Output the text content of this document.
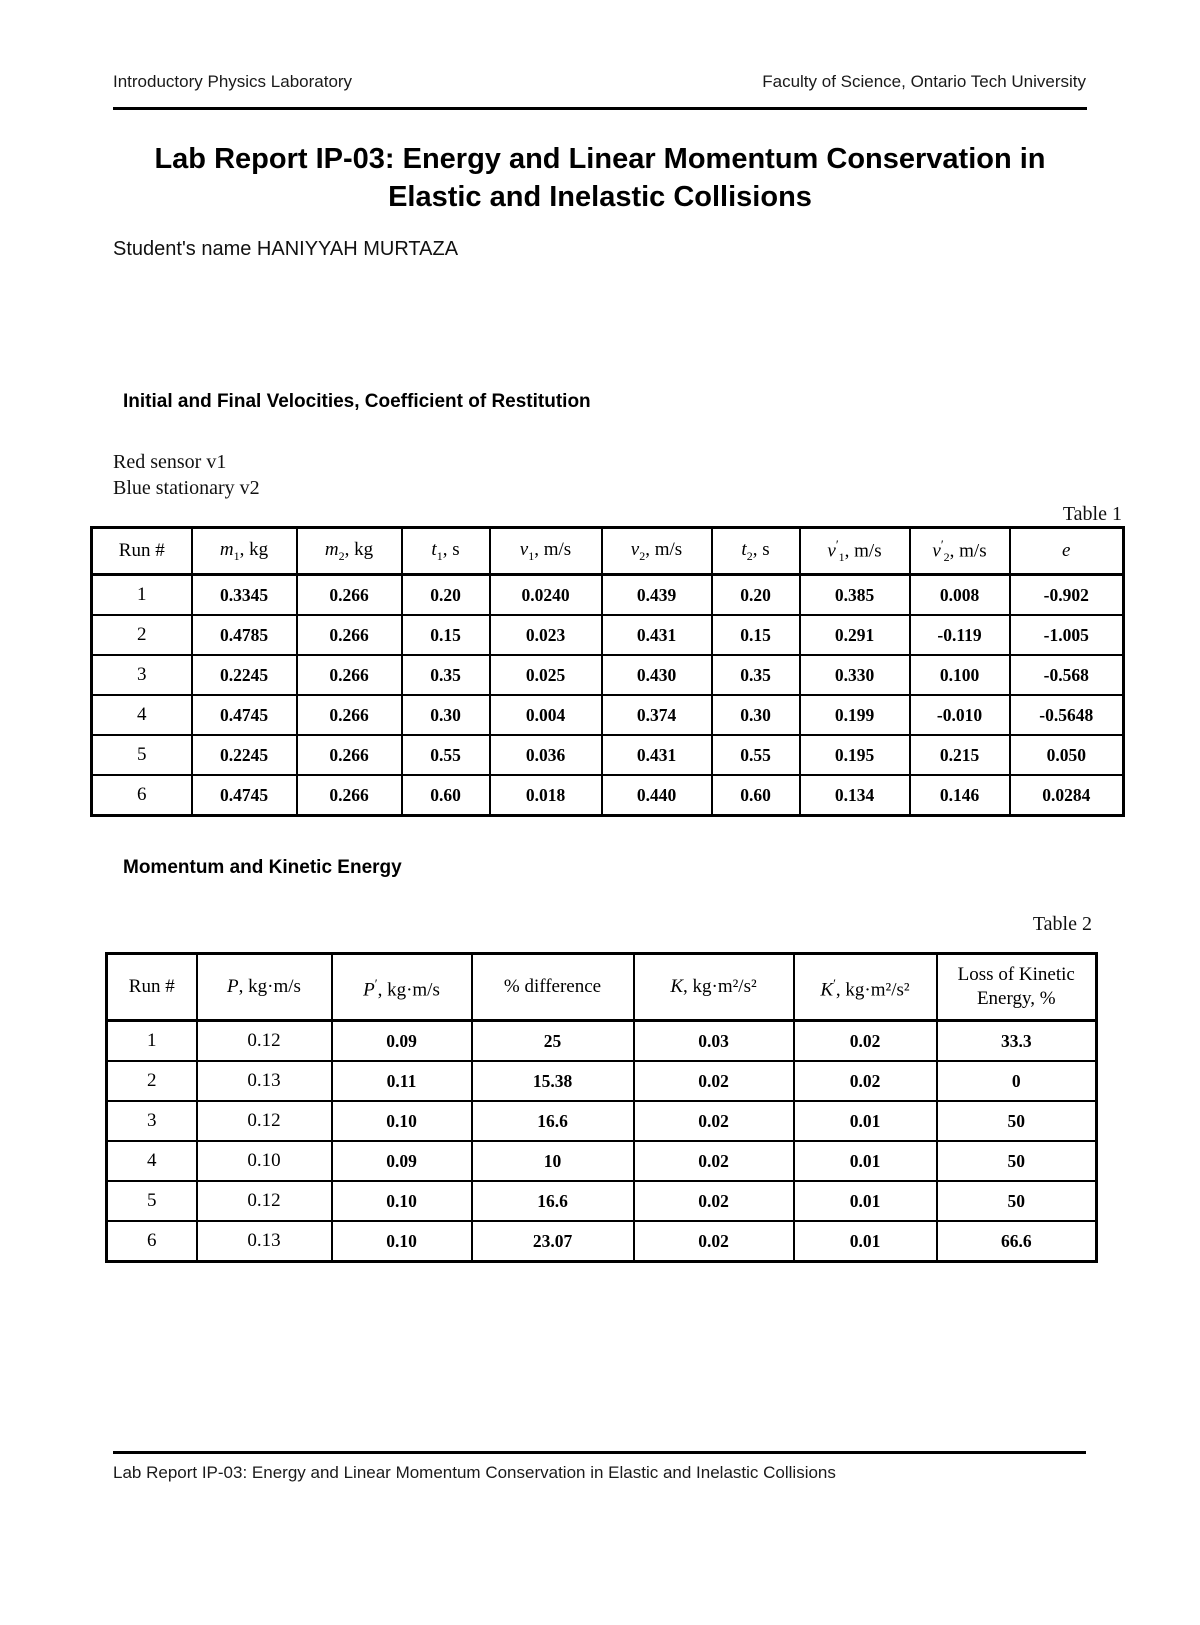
Introductory Physics Laboratory	Faculty of Science, Ontario Tech University
Lab Report IP-03: Energy and Linear Momentum Conservation in
Elastic and Inelastic Collisions
Student's name HANIYYAH MURTAZA
Initial and Final Velocities, Coefficient of Restitution
Red sensor v1
Blue stationary v2
Table 1
Run #	$m_1$, kg	$m_2$, kg	$t_1$, s	$v_1$, m/s	$v_2$, m/s	$t_2$, s	$v'_1$, m/s	$v'_2$, m/s	e
1	0.3345	0.266	0.20	0.0240	0.439	0.20	0.385	0.008	-0.902
2	0.4785	0.266	0.15	0.023	0.431	0.15	0.291	-0.119	-1.005
3	0.2245	0.266	0.35	0.025	0.430	0.35	0.330	0.100	-0.568
4	0.4745	0.266	0.30	0.004	0.374	0.30	0.199	-0.010	-0.5648
5	0.2245	0.266	0.55	0.036	0.431	0.55	0.195	0.215	0.050
6	0.4745	0.266	0.60	0.018	0.440	0.60	0.134	0.146	0.0284
Momentum and Kinetic Energy
Table 2
Run #	P, kg·m/s	P′, kg·m/s	% difference	K, kg·m²/s²	K′, kg·m²/s²	Loss of Kinetic Energy, %
1	0.12	0.09	25	0.03	0.02	33.3
2	0.13	0.11	15.38	0.02	0.02	0
3	0.12	0.10	16.6	0.02	0.01	50
4	0.10	0.09	10	0.02	0.01	50
5	0.12	0.10	16.6	0.02	0.01	50
6	0.13	0.10	23.07	0.02	0.01	66.6
Lab Report IP-03: Energy and Linear Momentum Conservation in Elastic and Inelastic Collisions
